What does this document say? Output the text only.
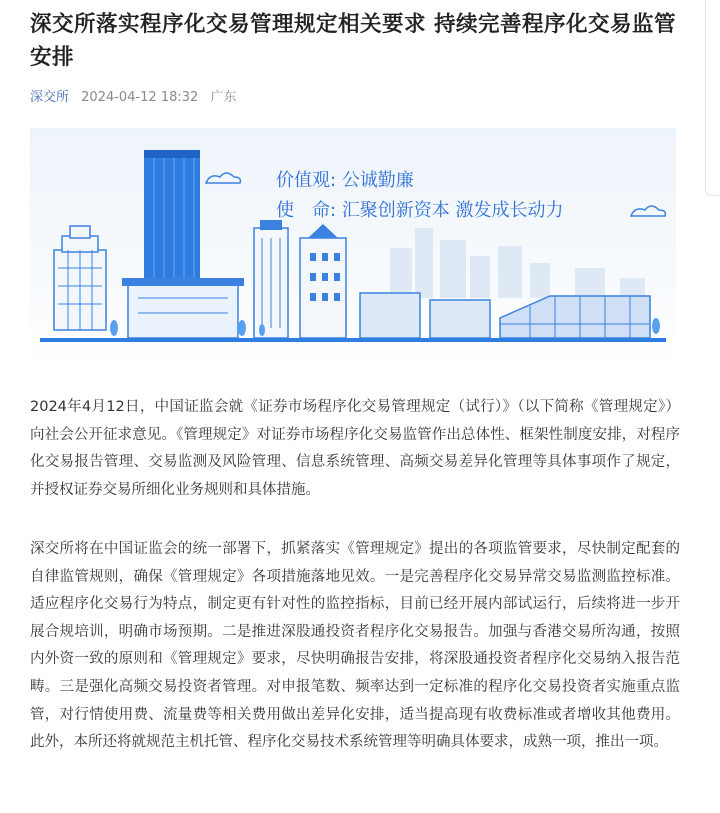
深交所落实程序化交易管理规定相关要求 持续完善程序化交易监管安排
深交所 2024-04-12 18:32 广东
价值观: 公诚勤廉
使　命: 汇聚创新资本 激发成长动力

2024年4月12日，中国证监会就《证券市场程序化交易管理规定（试行）》（以下简称《管理规定》）向社会公开征求意见。《管理规定》对证券市场程序化交易监管作出总体性、框架性制度安排，对程序化交易报告管理、交易监测及风险管理、信息系统管理、高频交易差异化管理等具体事项作了规定，并授权证券交易所细化业务规则和具体措施。

深交所将在中国证监会的统一部署下，抓紧落实《管理规定》提出的各项监管要求，尽快制定配套的自律监管规则，确保《管理规定》各项措施落地见效。一是完善程序化交易异常交易监测监控标准。适应程序化交易行为特点，制定更有针对性的监控指标，目前已经开展内部试运行，后续将进一步开展合规培训，明确市场预期。二是推进深股通投资者程序化交易报告。加强与香港交易所沟通，按照内外资一致的原则和《管理规定》要求，尽快明确报告安排，将深股通投资者程序化交易纳入报告范畴。三是强化高频交易投资者管理。对申报笔数、频率达到一定标准的程序化交易投资者实施重点监管，对行情使用费、流量费等相关费用做出差异化安排，适当提高现有收费标准或者增收其他费用。此外，本所还将就规范主机托管、程序化交易技术系统管理等明确具体要求，成熟一项，推出一项。
